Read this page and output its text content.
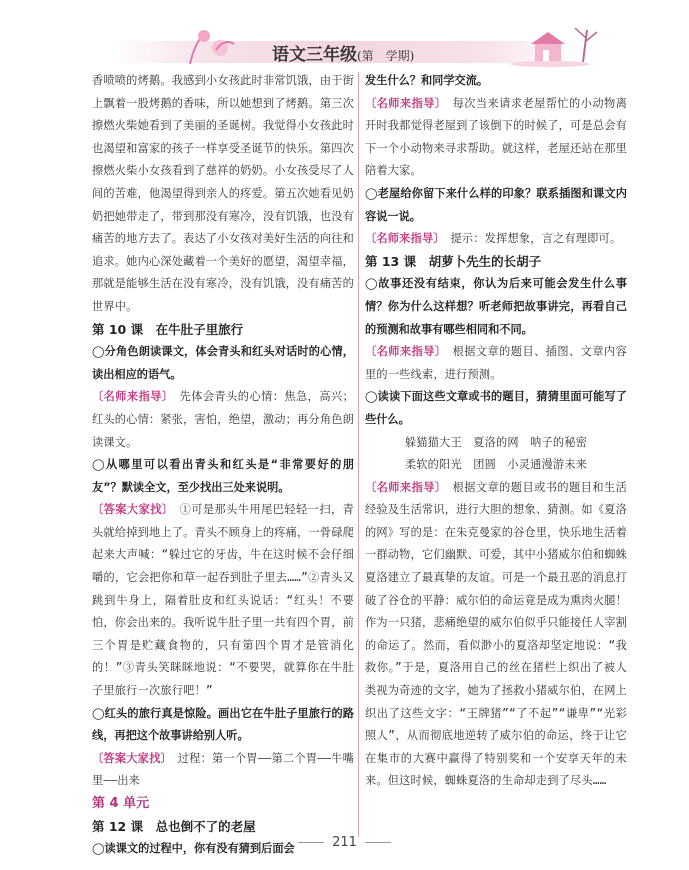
语文三年级(第　学期)

香喷喷的烤鹅。我感到小女孩此时非常饥饿，由于街上飘着一股烤鹅的香味，所以她想到了烤鹅。第三次擦燃火柴她看到了美丽的圣诞树。我觉得小女孩此时也渴望和富家的孩子一样享受圣诞节的快乐。第四次擦燃火柴小女孩看到了慈祥的奶奶。小女孩受尽了人间的苦难，他渴望得到亲人的疼爱。第五次她看见奶奶把她带走了，带到那没有寒冷，没有饥饿，也没有痛苦的地方去了。表达了小女孩对美好生活的向往和追求。她内心深处藏着一个美好的愿望，渴望幸福，那就是能够生活在没有寒冷，没有饥饿，没有痛苦的世界中。

第 10 课　在牛肚子里旅行

◯分角色朗读课文，体会青头和红头对话时的心情，读出相应的语气。

〔名师来指导〕　 先体会青头的心情：焦急，高兴；红头的心情：紧张，害怕，绝望，激动；再分角色朗读课文。

◯从哪里可以看出青头和红头是“非常要好的朋友”？默读全文，至少找出三处来说明。

〔答案大家找〕　 ①可是那头牛用尾巴轻轻一扫，青头就给掉到地上了。青头不顾身上的疼痛，一骨碌爬起来大声喊：“躲过它的牙齿，牛在这时候不会仔细嚼的，它会把你和草一起吞到肚子里去……”②青头又跳到牛身上，隔着肚皮和红头说话：“红头！不要怕，你会出来的。我听说牛肚子里一共有四个胃，前三个胃是贮藏食物的，只有第四个胃才是管消化的！”③青头笑眯眯地说：“不要哭，就算你在牛肚子里旅行一次旅行吧！”

◯红头的旅行真是惊险。画出它在牛肚子里旅行的路线，再把这个故事讲给别人听。

〔答案大家找〕　 过程：第一个胃——第二个胃——牛嘴里——出来

第 4 单元

第 12 课　总也倒不了的老屋

◯读课文的过程中，你有没有猜到后面会

发生什么？和同学交流。

〔名师来指导〕　 每次当来请求老屋帮忙的小动物离开时我都觉得老屋到了该倒下的时候了，可是总会有下一个小动物来寻求帮助。就这样，老屋还站在那里陪着大家。

◯老屋给你留下来什么样的印象？联系插图和课文内容说一说。

〔名师来指导〕　 提示：发挥想象，言之有理即可。

第 13 课　胡萝卜先生的长胡子

◯故事还没有结束，你认为后来可能会发生什么事情？你为什么这样想？听老师把故事讲完，再看自己的预测和故事有哪些相同和不同。

〔名师来指导〕　 根据文章的题目、插图、文章内容里的一些线索，进行预测。

◯读读下面这些文章或书的题目，猜猜里面可能写了些什么。

躲猫猫大王　夏洛的网　呐子的秘密

柔软的阳光　团圆　小灵通漫游未来

〔名师来指导〕　 根据文章的题目或书的题目和生活经验及生活常识，进行大胆的想象、猜测。如《夏洛的网》写的是：在朱克曼家的谷仓里，快乐地生活着一群动物，它们幽默、可爱，其中小猪威尔伯和蜘蛛夏洛建立了最真挚的友谊。可是一个最丑恶的消息打破了谷仓的平静：威尔伯的命运竟是成为熏肉火腿！作为一只猪，悲痛绝望的威尔伯似乎只能接任人宰割的命运了。然而，看似渺小的夏洛却坚定地说：“我救你。”于是，夏洛用自己的丝在猪栏上织出了被人类视为奇迹的文字，她为了拯救小猪威尔伯，在网上织出了这些文字：“王牌猪”“了不起”“谦卑”“光彩照人”，从而彻底地逆转了威尔伯的命运，终于让它在集市的大赛中赢得了特别奖和一个安享天年的未来。但这时候，蜘蛛夏洛的生命却走到了尽头……

211
